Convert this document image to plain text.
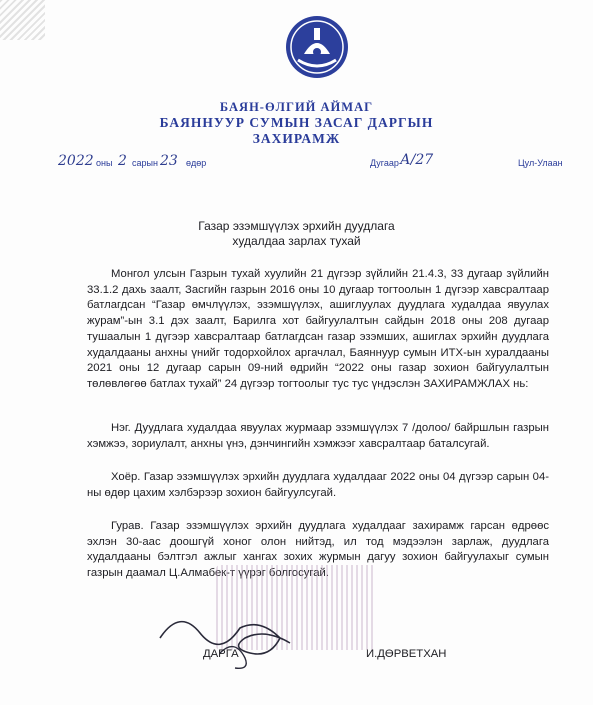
БАЯН-ӨЛГИЙ АЙМАГ
БАЯННУУР СУМЫН ЗАСАГ ДАРГЫН
ЗАХИРАМЖ
2022 оны 2 сарын 23 өдөр	Дугаар А/27	Цул-Улаан
Газар эзэмшүүлэх эрхийн дуудлага
худалдаа зарлах тухай

Монгол улсын Газрын тухай хуулийн 21 дүгээр зүйлийн 21.4.3, 33 дугаар зүйлийн 33.1.2 дахь заалт, Засгийн газрын 2016 оны 10 дугаар тогтоолын 1 дүгээр хавсралтаар батлагдсан “Газар өмчлүүлэх, эзэмшүүлэх, ашиглуулах дуудлага худалдаа явуулах журам”-ын 3.1 дэх заалт, Барилга хот байгуулалтын сайдын 2018 оны 208 дугаар тушаалын 1 дүгээр хавсралтаар батлагдсан газар эзэмших, ашиглах эрхийн дуудлага худалдааны анхны үнийг тодорхойлох аргачлал, Баяннуур сумын ИТХ-ын хуралдааны 2021 оны 12 дугаар сарын 09-ний өдрийн “2022 оны газар зохион байгуулалтын төлөвлөгөө батлах тухай” 24 дүгээр тогтоолыг тус тус үндэслэн ЗАХИРАМЖЛАХ нь:

Нэг. Дуудлага худалдаа явуулах журмаар эзэмшүүлэх 7 /долоо/ байршлын газрын хэмжээ, зориулалт, анхны үнэ, дэнчингийн хэмжээг хавсралтаар баталсугай.

Хоёр. Газар эзэмшүүлэх эрхийн дуудлага худалдааг 2022 оны 04 дүгээр сарын 04-ны өдөр цахим хэлбэрээр зохион байгуулсугай.

Гурав. Газар эзэмшүүлэх эрхийн дуудлага худалдааг захирамж гарсан өдрөөс эхлэн 30-аас доошгүй хоног олон нийтэд, ил тод мэдээлэн зарлаж, дуудлага худалдааны бэлтгэл ажлыг хангах зохих журмын дагуу зохион байгуулахыг сумын газрын даамал Ц.Алмабек-т үүрэг болгосугай.

ДАРГА	И.ДӨРВЕТХАН
